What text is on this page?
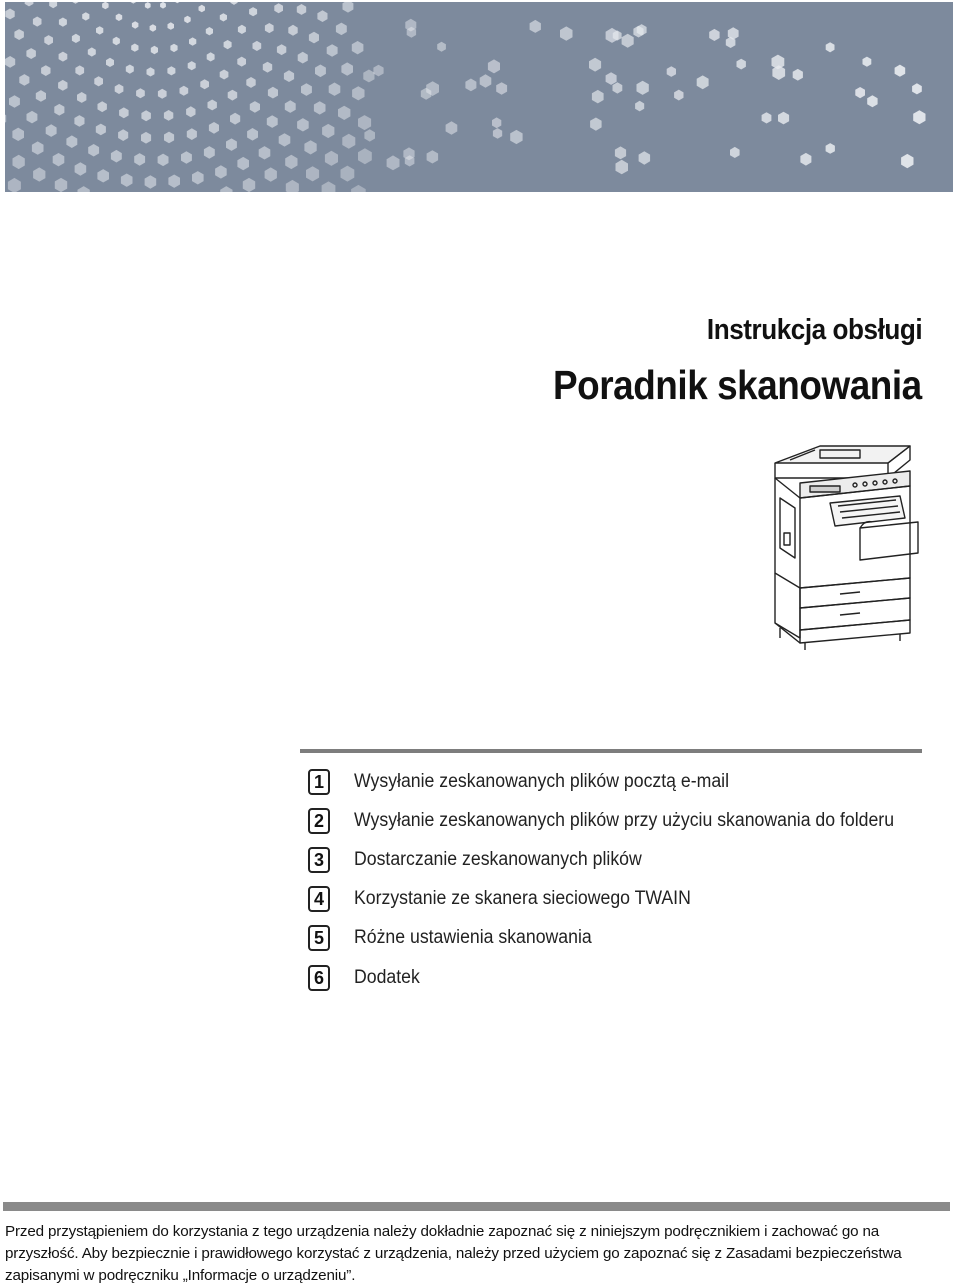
Instrukcja obsługi
Poradnik skanowania
1	Wysyłanie zeskanowanych plików pocztą e-mail
2	Wysyłanie zeskanowanych plików przy użyciu skanowania do folderu
3	Dostarczanie zeskanowanych plików
4	Korzystanie ze skanera sieciowego TWAIN
5	Różne ustawienia skanowania
6	Dodatek

Przed przystąpieniem do korzystania z tego urządzenia należy dokładnie zapoznać się z niniejszym podręcznikiem i zachować go na przyszłość. Aby bezpiecznie i prawidłowego korzystać z urządzenia, należy przed użyciem go zapoznać się z Zasadami bezpieczeństwa zapisanymi w podręczniku „Informacje o urządzeniu”.
